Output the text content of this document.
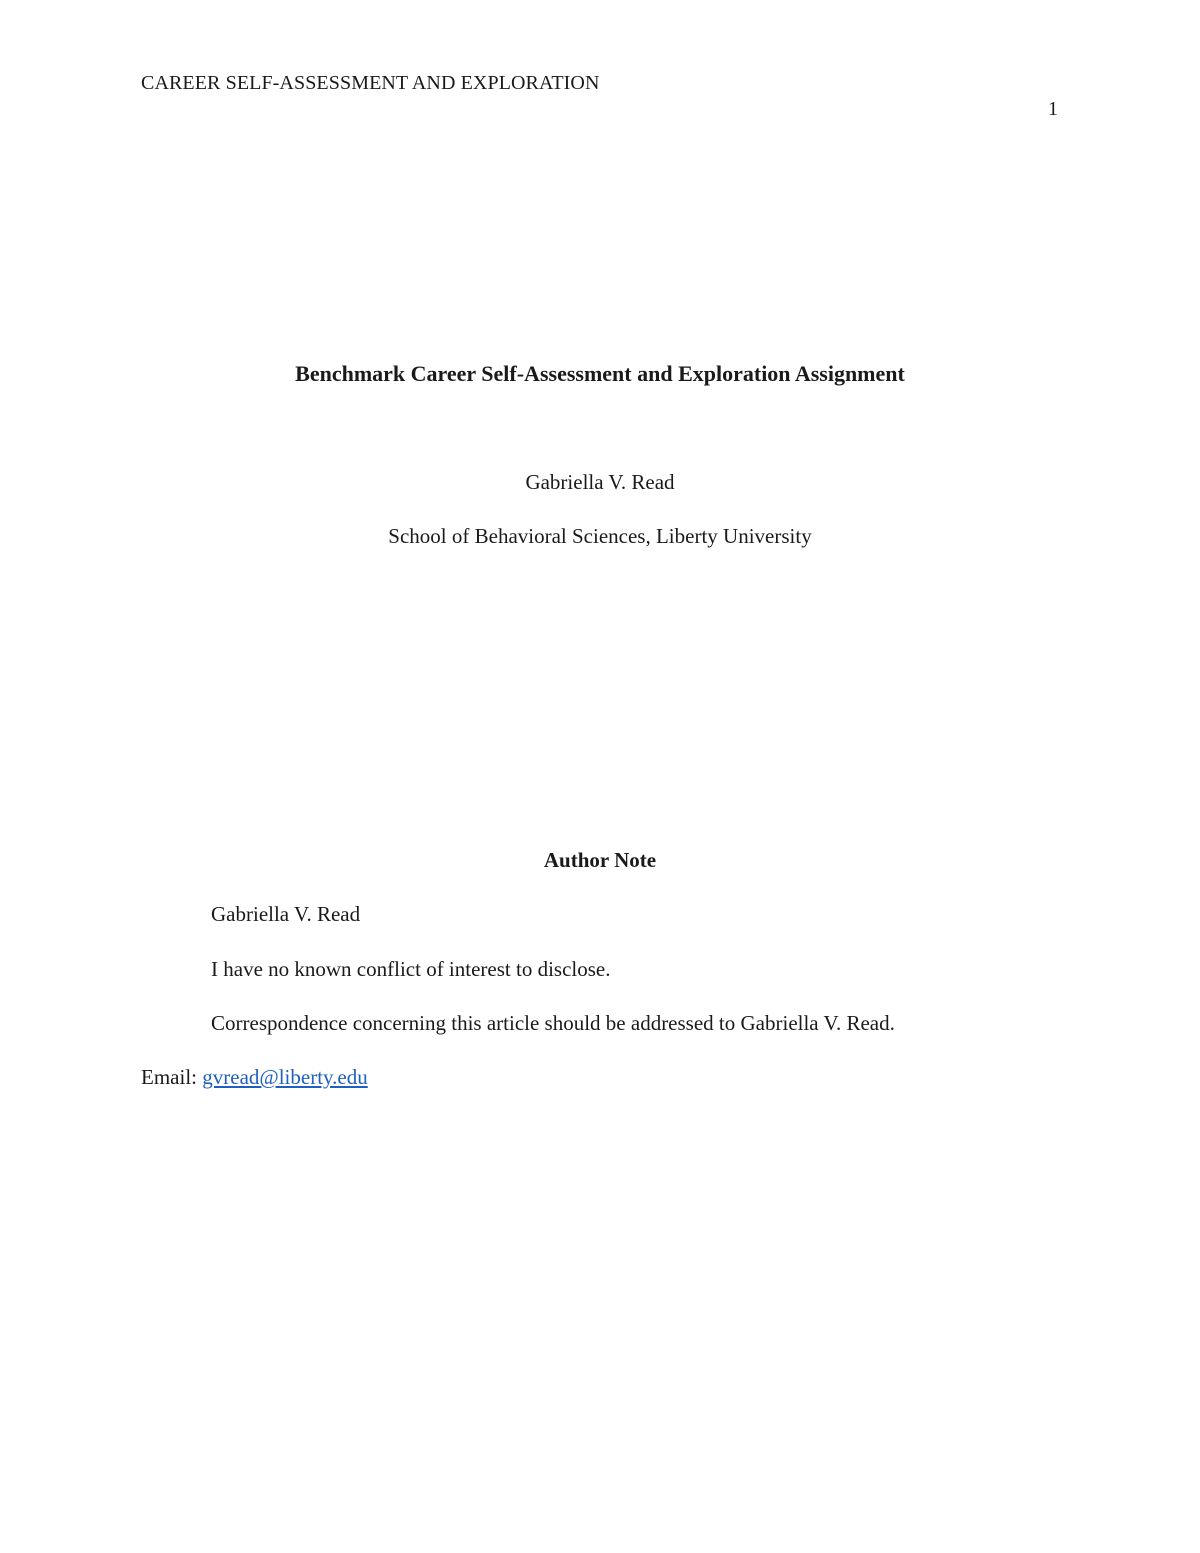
CAREER SELF-ASSESSMENT AND EXPLORATION
1
Benchmark Career Self-Assessment and Exploration Assignment
Gabriella V. Read
School of Behavioral Sciences, Liberty University
Author Note
Gabriella V. Read
I have no known conflict of interest to disclose.
Correspondence concerning this article should be addressed to Gabriella V. Read.
Email: gvread@liberty.edu
